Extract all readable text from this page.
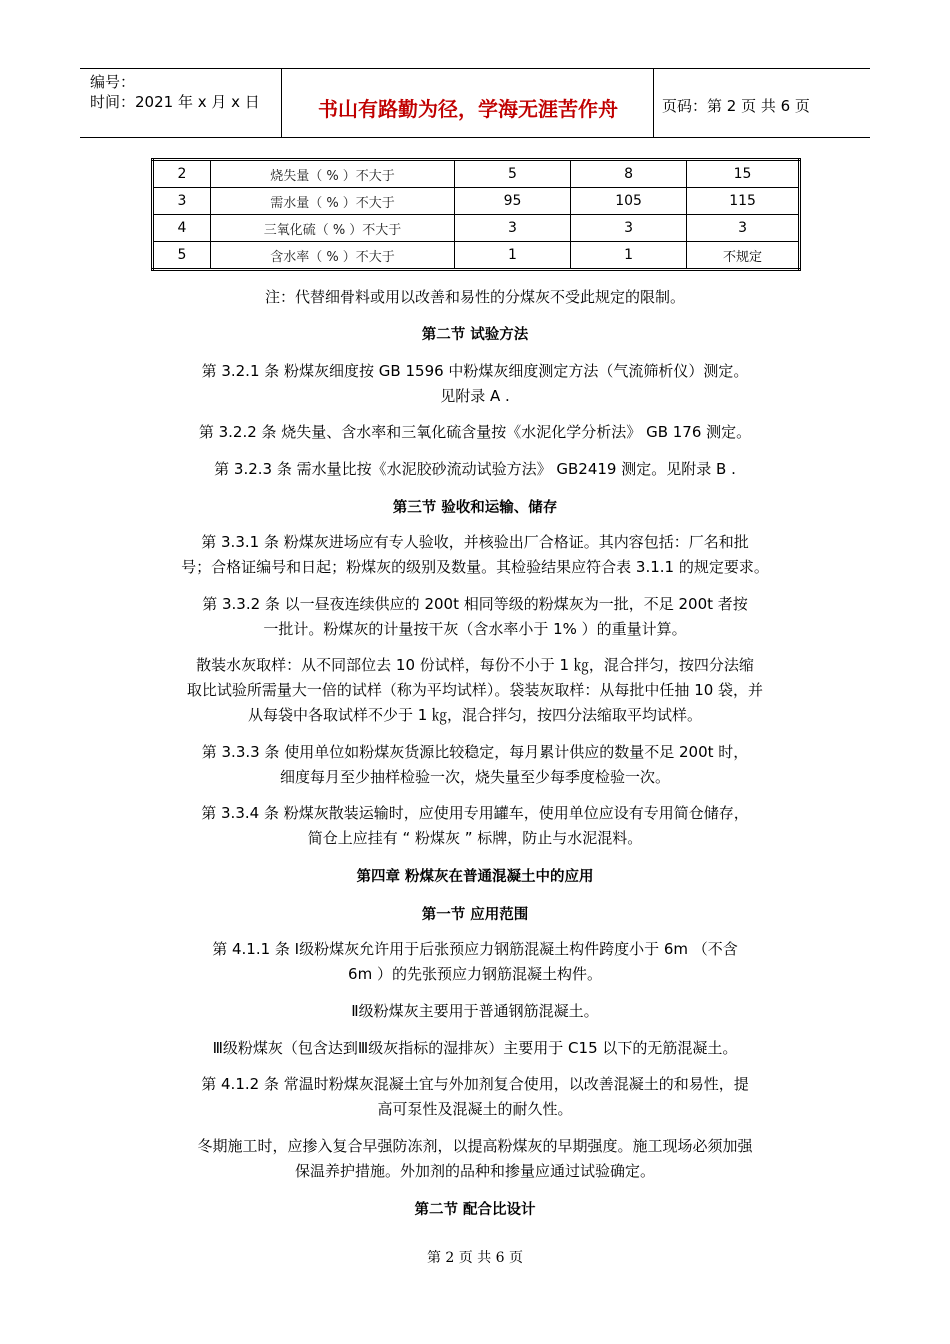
编号：
时间：2021 年 x 月 x 日	书山有路勤为径，学海无涯苦作舟	页码：第 2 页 共 6 页
2	烧失量（ % ）不大于	5	8	15
3	需水量（ % ）不大于	95	105	115
4	三氧化硫（ % ）不大于	3	3	3
5	含水率（ % ）不大于	1	1	不规定
注：代替细骨料或用以改善和易性的分煤灰不受此规定的限制。
第二节 试验方法
第 3.2.1 条 粉煤灰细度按 GB 1596 中粉煤灰细度测定方法（气流筛析仪）测定。
见附录 A .
第 3.2.2 条 烧失量、含水率和三氧化硫含量按《水泥化学分析法》 GB 176 测定。
第 3.2.3 条 需水量比按《水泥胶砂流动试验方法》 GB2419 测定。见附录 B .
第三节 验收和运输、储存
第 3.3.1 条 粉煤灰进场应有专人验收，并核验出厂合格证。其内容包括：厂名和批
号；合格证编号和日起；粉煤灰的级别及数量。其检验结果应符合表 3.1.1 的规定要求。
第 3.3.2 条 以一昼夜连续供应的 200t 相同等级的粉煤灰为一批，不足 200t 者按
一批计。粉煤灰的计量按干灰（含水率小于 1% ）的重量计算。
散装水灰取样：从不同部位去 10 份试样，每份不小于 1 ㎏，混合拌匀，按四分法缩
取比试验所需量大一倍的试样（称为平均试样）。袋装灰取样：从每批中任抽 10 袋，并
从每袋中各取试样不少于 1 ㎏，混合拌匀，按四分法缩取平均试样。
第 3.3.3 条 使用单位如粉煤灰货源比较稳定，每月累计供应的数量不足 200t 时，
细度每月至少抽样检验一次，烧失量至少每季度检验一次。
第 3.3.4 条 粉煤灰散装运输时，应使用专用罐车，使用单位应设有专用简仓储存，
简仓上应挂有 “ 粉煤灰 ” 标牌，防止与水泥混料。
第四章 粉煤灰在普通混凝土中的应用
第一节 应用范围
第 4.1.1 条 Ⅰ级粉煤灰允许用于后张预应力钢筋混凝土构件跨度小于 6m （不含
6m ）的先张预应力钢筋混凝土构件。
Ⅱ级粉煤灰主要用于普通钢筋混凝土。
Ⅲ级粉煤灰（包含达到Ⅲ级灰指标的湿排灰）主要用于 C15 以下的无筋混凝土。
第 4.1.2 条 常温时粉煤灰混凝土宜与外加剂复合使用，以改善混凝土的和易性，提
高可泵性及混凝土的耐久性。
冬期施工时，应掺入复合早强防冻剂，以提高粉煤灰的早期强度。施工现场必须加强
保温养护措施。外加剂的品种和掺量应通过试验确定。
第二节 配合比设计
第 2 页 共 6 页
